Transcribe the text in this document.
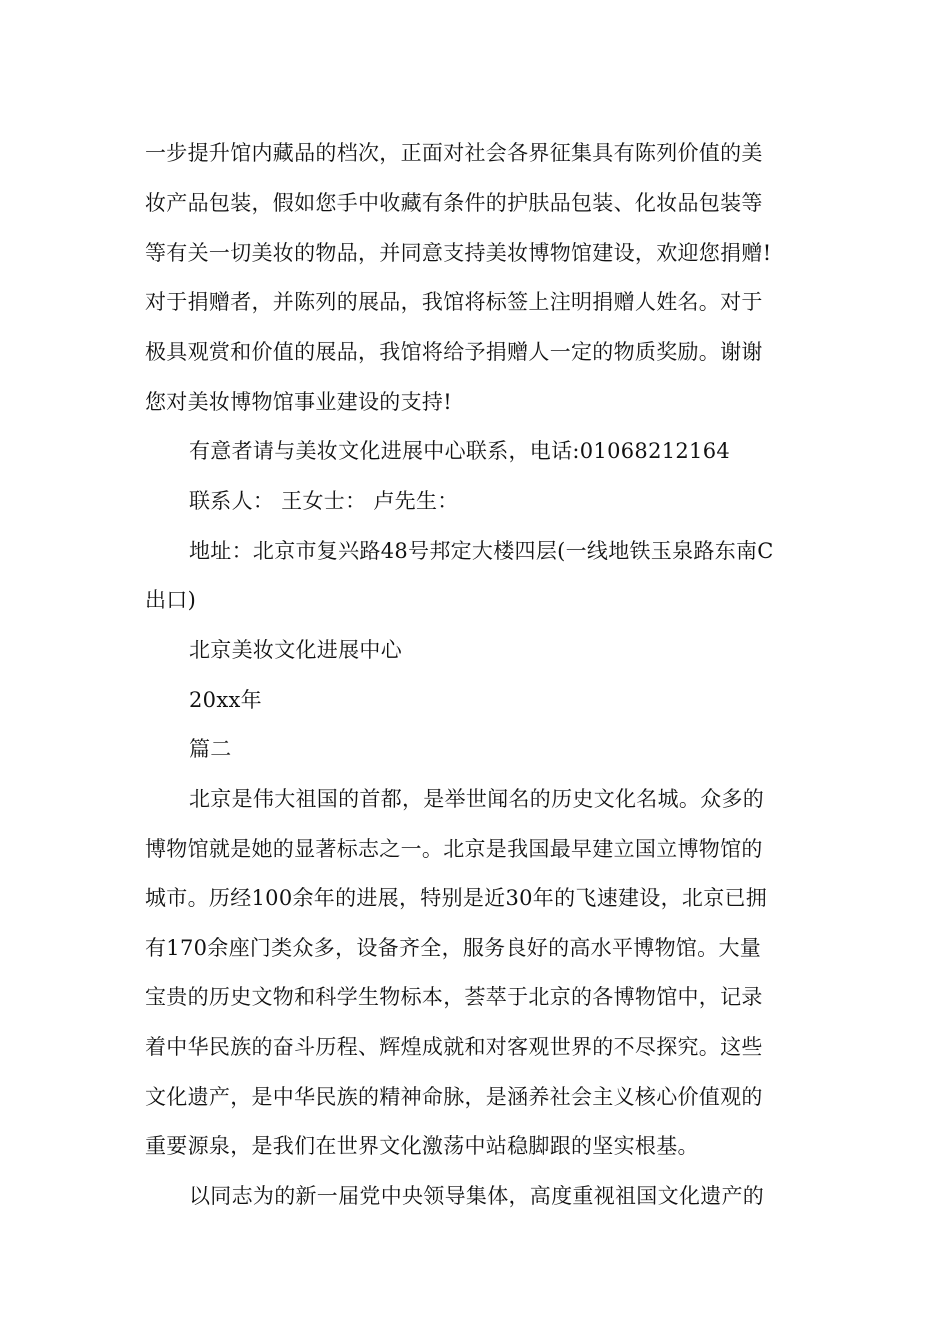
一步提升馆内藏品的档次，正面对社会各界征集具有陈列价值的美
妆产品包装，假如您手中收藏有条件的护肤品包装、化妆品包装等
等有关一切美妆的物品，并同意支持美妆博物馆建设，欢迎您捐赠!
对于捐赠者，并陈列的展品，我馆将标签上注明捐赠人姓名。对于
极具观赏和价值的展品，我馆将给予捐赠人一定的物质奖励。谢谢
您对美妆博物馆事业建设的支持!
有意者请与美妆文化进展中心联系，电话:01068212164
联系人： 王女士： 卢先生：
地址：北京市复兴路48号邦定大楼四层(一线地铁玉泉路东南C
出口)
北京美妆文化进展中心
20xx年
篇二
北京是伟大祖国的首都，是举世闻名的历史文化名城。众多的
博物馆就是她的显著标志之一。北京是我国最早建立国立博物馆的
城市。历经100余年的进展，特别是近30年的飞速建设，北京已拥
有170余座门类众多，设备齐全，服务良好的高水平博物馆。大量
宝贵的历史文物和科学生物标本，荟萃于北京的各博物馆中，记录
着中华民族的奋斗历程、辉煌成就和对客观世界的不尽探究。这些
文化遗产，是中华民族的精神命脉，是涵养社会主义核心价值观的
重要源泉，是我们在世界文化激荡中站稳脚跟的坚实根基。
以同志为的新一届党中央领导集体，高度重视祖国文化遗产的
